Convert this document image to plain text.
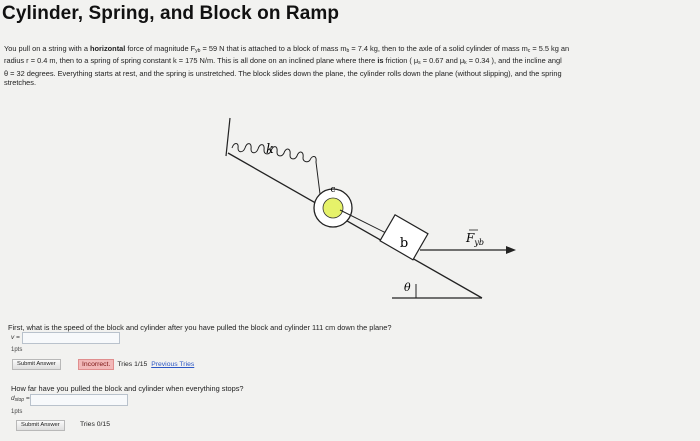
Cylinder, Spring, and Block on Ramp
You pull on a string with a horizontal force of magnitude $F_{yb} = 59$ N that is attached to a block of mass $m_b = 7.4$ kg, then to the axle of a solid cylinder of mass $m_c = 5.5$ kg an
radius r = 0.4 m, then to a spring of spring constant k = 175 N/m. This is all done on an inclined plane where there is friction ( $\mu_s = 0.67$ and $\mu_k = 0.34$ ), and the incline angl
θ = 32 degrees. Everything starts at rest, and the spring is unstretched. The block slides down the plane, the cylinder rolls down the plane (without slipping), and the spring
stretches.
k
c
b	$F_{yb}$
θ
First, what is the speed of the block and cylinder after you have pulled the block and cylinder 111 cm down the plane?
v =
1pts
Submit Answer	Incorrect. Tries 1/15 Previous Tries
How far have you pulled the block and cylinder when everything stops?
$d_{stop}$ =
1pts
Submit Answer	Tries 0/15
